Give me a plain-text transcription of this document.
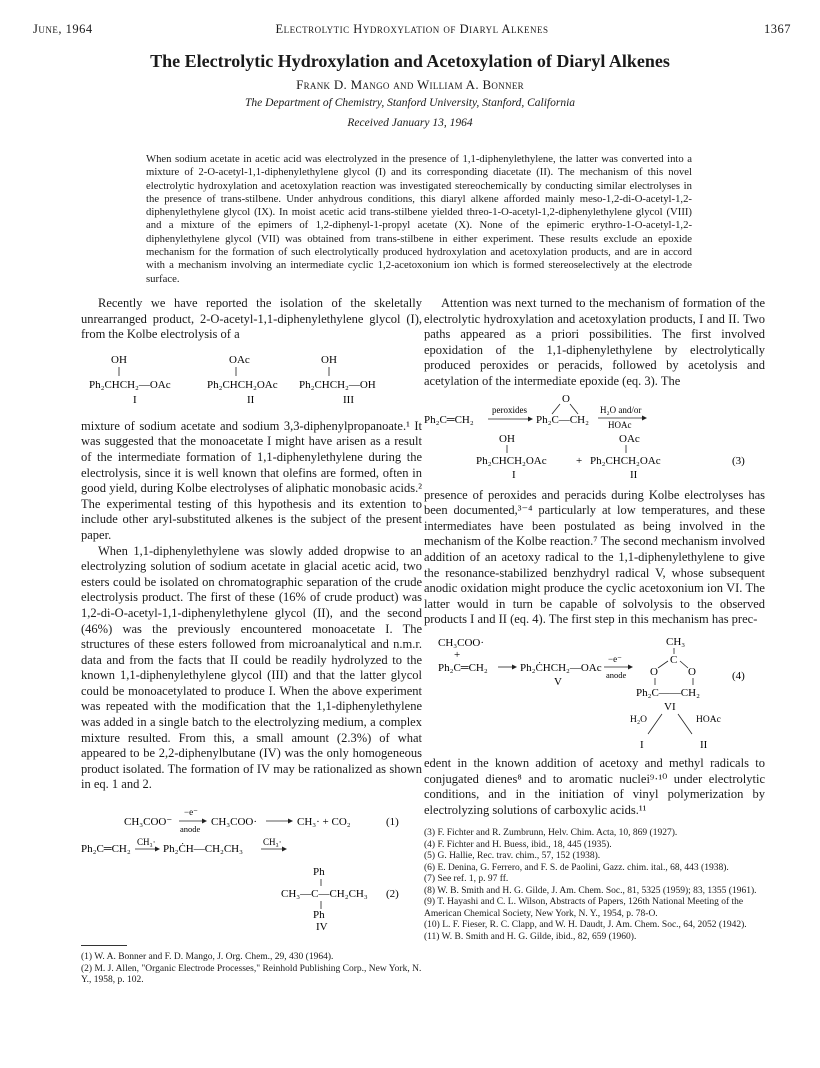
June, 1964	Electrolytic Hydroxylation of Diaryl Alkenes	1367
The Electrolytic Hydroxylation and Acetoxylation of Diaryl Alkenes
Frank D. Mango and William A. Bonner
The Department of Chemistry, Stanford University, Stanford, California
Received January 13, 1964
When sodium acetate in acetic acid was electrolyzed in the presence of 1,1-diphenylethylene, the latter was converted into a mixture of 2-O-acetyl-1,1-diphenylethylene glycol (I) and its corresponding diacetate (II). The mechanism of this novel electrolytic hydroxylation and acetoxylation reaction was investigated stereochemically by conducting similar electrolyses in the presence of trans-stilbene. Under anhydrous conditions, this diaryl alkene afforded mainly meso-1,2-di-O-acetyl-1,2-diphenylethylene glycol (IX). In moist acetic acid trans-stilbene yielded threo-1-O-acetyl-1,2-diphenylethylene glycol (VIII) and a mixture of the epimers of 1,2-diphenyl-1-propyl acetate (X). None of the epimeric erythro-1-O-acetyl-1,2-diphenylethylene glycol (VII) was obtained from trans-stilbene in either experiment. These results exclude an epoxide mechanism for the formation of such electrolytically produced hydroxylation and acetoxylation products, and are in accord with a mechanism involving an intermediate cyclic 1,2-acetoxonium ion which is formed stereoselectively at the electrode surface.

Recently we have reported the isolation of the skeletally unrearranged product, 2-O-acetyl-1,1-diphenylethylene glycol (I), from the Kolbe electrolysis of a

OH	OAc	OH
Ph₂CHCH₂—OAc	Ph₂CHCH₂OAc Ph₂CHCH₂—OH
I	II	III

mixture of sodium acetate and sodium 3,3-diphenylpropanoate.¹ It was suggested that the monoacetate I might have arisen as a result of the intermediate formation of 1,1-diphenylethylene during the electrolysis, since it is well known that olefins are formed, often in good yield, during Kolbe electrolyses of aliphatic monobasic acids.² The experimental testing of this hypothesis and its extention to include other aryl-substituted alkenes is the subject of the present paper.

When 1,1-diphenylethylene was slowly added dropwise to an electrolyzing solution of sodium acetate in glacial acetic acid, two esters could be isolated on chromatographic separation of the crude electrolysis product. The first of these (16% of crude product) was 1,2-di-O-acetyl-1,1-diphenylethylene glycol (II), and the second (46%) was the previously encountered monoacetate I. The structures of these esters followed from microanalytical and n.m.r. data and from the facts that II could be readily hydrolyzed to the known 1,1-diphenylethylene glycol (III) and that the latter glycol could be monoacetylated to produce I. When the above experiment was repeated with the modification that the 1,1-diphenylethylene was added in a single batch to the electrolyzing medium, a complex mixture resulted. From this, a small amount (2.3%) of what appeared to be 2,2-diphenylbutane (IV) was the only homogeneous product isolated. The formation of IV may be rationalized as shown in eq. 1 and 2.

CH₃COO⁻
−e⁻
anode
CH₃COO·	CH₃· + CO₂	(1)
Ph₂C═CH₂
CH₃·
Ph₂ĊH—CH₂CH₃
CH₃·
Ph
CH₃—C—CH₂CH₃ (2)
Ph
IV
(1) W. A. Bonner and F. D. Mango, J. Org. Chem., 29, 430 (1964).
(2) M. J. Allen, "Organic Electrode Processes," Reinhold Publishing Corp., New York, N. Y., 1958, p. 102.

Attention was next turned to the mechanism of formation of the electrolytic hydroxylation and acetoxylation products, I and II. Two paths appeared as a priori possibilities. The first involved epoxidation of the 1,1-diphenylethylene by electrolytically produced peroxides or peracids, followed by acetolysis and acetylation of the intermediate epoxide (eq. 3). The

Ph₂C═CH₂
peroxides
O
Ph₂C—CH₂
H₂O and/or
HOAc
OH	OAc
Ph₂CHCH₂OAc	+ Ph₂CHCH₂OAc	(3)
I	II

presence of peroxides and peracids during Kolbe electrolyses has been documented,³⁻⁴ particularly at low temperatures, and these intermediates have been postulated as being involved in the mechanism of the Kolbe reaction.⁷ The second mechanism involved addition of an acetoxy radical to the 1,1-diphenylethylene to give the resonance-stabilized benzhydryl radical V, whose subsequent anodic oxidation might produce the cyclic acetoxonium ion VI. The latter would in turn be capable of solvolysis to the observed products I and II (eq. 4). The first step in this mechanism has prec-

CH₃COO·
+
Ph₂C═CH₂	Ph₂ĊHCH₂—OAc
V
−e⁻
anode
CH₃
C
O	O
Ph₂C——CH₂
(4)
VI
H₂O	HOAc
I	II

edent in the known addition of acetoxy and methyl radicals to conjugated dienes⁸ and to aromatic nuclei⁹·¹⁰ under electrolytic conditions, and in the initiation of vinyl polymerization by electrolyzing solutions of carboxylic acids.¹¹

(3) F. Fichter and R. Zumbrunn, Helv. Chim. Acta, 10, 869 (1927).
(4) F. Fichter and H. Buess, ibid., 18, 445 (1935).
(5) G. Hallie, Rec. trav. chim., 57, 152 (1938).
(6) E. Denina, G. Ferrero, and F. S. de Paolini, Gazz. chim. ital., 68, 443 (1938).
(7) See ref. 1, p. 97 ff.
(8) W. B. Smith and H. G. Gilde, J. Am. Chem. Soc., 81, 5325 (1959); 83, 1355 (1961).
(9) T. Hayashi and C. L. Wilson, Abstracts of Papers, 126th National Meeting of the American Chemical Society, New York, N. Y., 1954, p. 78-O.
(10) L. F. Fieser, R. C. Clapp, and W. H. Daudt, J. Am. Chem. Soc., 64, 2052 (1942).
(11) W. B. Smith and H. G. Gilde, ibid., 82, 659 (1960).
